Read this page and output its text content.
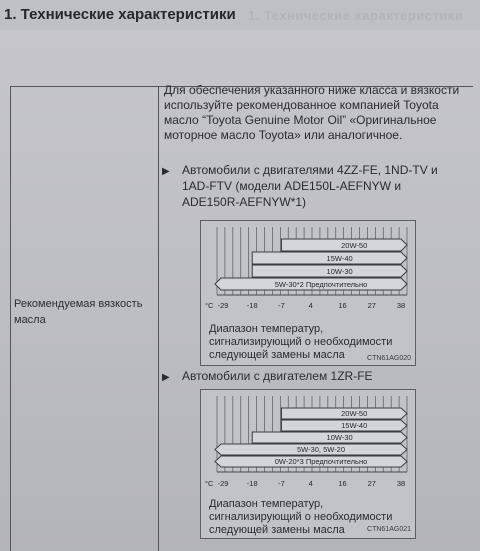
1. Технические характеристики 1. Технические характеристики
Рекомендуемая вязкость масла
Для обеспечения указанного ниже класса и вязкости используйте рекомендованное компанией Toyota масло “Toyota Genuine Motor Oil” «Оригинальное моторное масло Toyota» или аналогичное.
▶ Автомобили с двигателями 4ZZ-FE, 1ND-TV и 1AD-FTV (модели ADE150L-AEFNYW и ADE150R-AEFNYW*1)
20W-50
15W-40
10W-30
5W-30*2 Предпочтительно
°C -29 -18	-7	4	16	27	38
Диапазон температур, сигнализирующий о необходимости следующей замены масла	CTN61AG020
▶ Автомобили с двигателем 1ZR-FE
20W-50
15W-40
10W-30
5W-30, 5W-20
0W-20*3 Предпочтительно
°C -29 -18	-7	4	16	27	38
Диапазон температур, сигнализирующий о необходимости следующей замены масла	CTN61AG021
